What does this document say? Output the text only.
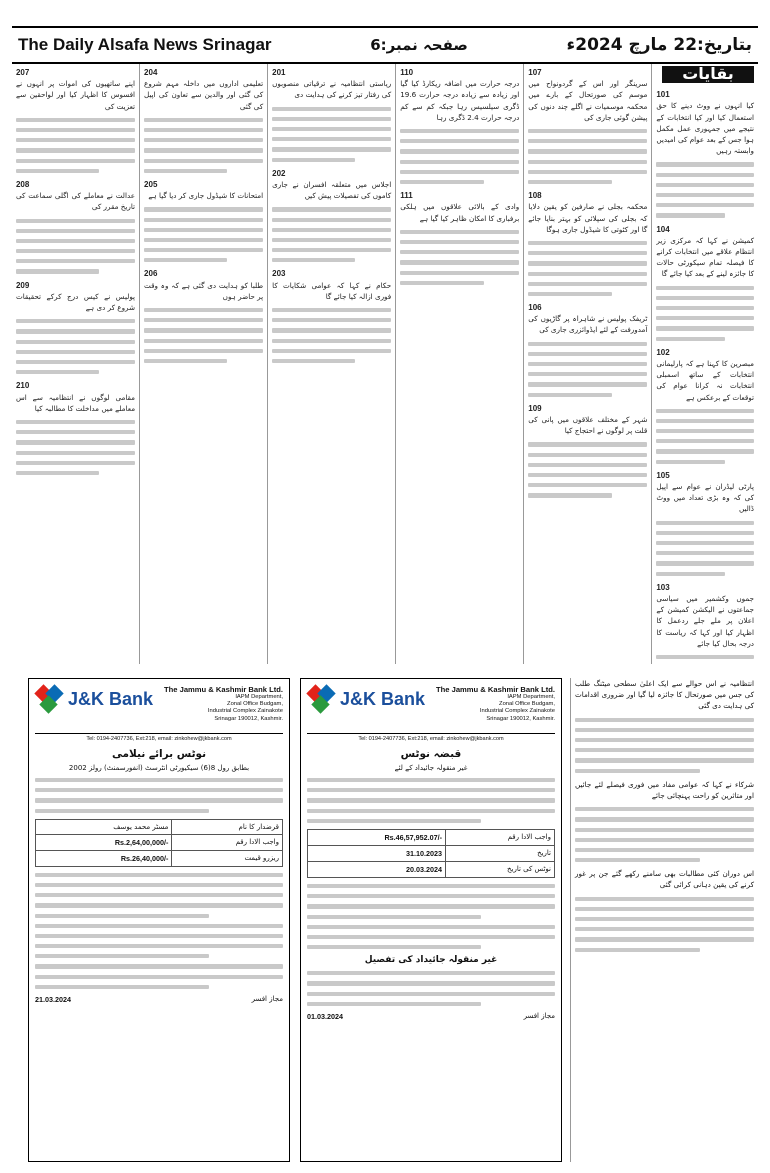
The Daily Alsafa News Srinagar	صفحہ نمبر:6	بتاریخ:22 مارچ 2024ء
بقایات
101
کیا انہوں نے ووٹ دینے کا حق استعمال کیا اور کیا انتخابات کے نتیجے میں جمہوری عمل مکمل ہوا جس کے بعد عوام کی امیدیں وابستہ رہیں
104
کمیشن نے کہا کہ مرکزی زیر انتظام علاقے میں انتخابات کرانے کا فیصلہ تمام سیکورٹی حالات کا جائزہ لینے کے بعد کیا جائے گا
102
مبصرین کا کہنا ہے کہ پارلیمانی انتخابات کے ساتھ اسمبلی انتخابات نہ کرانا عوام کی توقعات کے برعکس ہے
105
پارٹی لیڈران نے عوام سے اپیل کی کہ وہ بڑی تعداد میں ووٹ ڈالیں
103
جموں وکشمیر میں سیاسی جماعتوں نے الیکشن کمیشن کے اعلان پر ملے جلے ردعمل کا اظہار کیا اور کہا کہ ریاست کا درجہ بحال کیا جائے
107
سرینگر اور اس کے گردونواح میں موسم کی صورتحال کے بارے میں محکمہ موسمیات نے اگلے چند دنوں کی پیشن گوئی جاری کی
108
محکمہ بجلی نے صارفین کو یقین دلایا کہ بجلی کی سپلائی کو بہتر بنایا جائے گا اور کٹوتی کا شیڈول جاری ہوگا
106
ٹریفک پولیس نے شاہراہ پر گاڑیوں کی آمدورفت کے لئے ایڈوائزری جاری کی
109
شہر کے مختلف علاقوں میں پانی کی قلت پر لوگوں نے احتجاج کیا
110
درجہ حرارت میں اضافہ ریکارڈ کیا گیا اور زیادہ سے زیادہ درجہ حرارت 19.6 ڈگری سیلسیس رہا جبکہ کم سے کم درجہ حرارت 2.4 ڈگری رہا
111
وادی کے بالائی علاقوں میں ہلکی برفباری کا امکان ظاہر کیا گیا ہے
201
ریاستی انتظامیہ نے ترقیاتی منصوبوں کی رفتار تیز کرنے کی ہدایت دی
202
اجلاس میں متعلقہ افسران نے جاری کاموں کی تفصیلات پیش کیں
203
حکام نے کہا کہ عوامی شکایات کا فوری ازالہ کیا جائے گا
204
تعلیمی اداروں میں داخلہ مہم شروع کی گئی اور والدین سے تعاون کی اپیل کی گئی
205
امتحانات کا شیڈول جاری کر دیا گیا ہے
206
طلبا کو ہدایت دی گئی ہے کہ وہ وقت پر حاضر ہوں
207
اپنے ساتھیوں کی اموات پر انہوں نے افسوس کا اظہار کیا اور لواحقین سے تعزیت کی
208
عدالت نے معاملے کی اگلی سماعت کی تاریخ مقرر کی
209
پولیس نے کیس درج کرکے تحقیقات شروع کر دی ہے
210
مقامی لوگوں نے انتظامیہ سے اس معاملے میں مداخلت کا مطالبہ کیا
J&K Bank The Jammu & Kashmir Bank Ltd.
IAPM Department,
Zonal Office Budgam,
Industrial Complex Zainakote
Srinagar 190012, Kashmir.
Tel: 0194-2407736, Ext:218, email: zinkohew@jkbank.com
نوٹس برائے نیلامی
بطابق رول 8(6) سیکیورٹی انٹرسٹ (انفورسمنٹ) رولز 2002
قرضدار کا نام	مسٹر محمد یوسف
واجب الادا رقم	Rs.2,64,00,000/-
ریزرو قیمت	Rs.26,40,000/-
مجاز افسر
21.03.2024
J&K Bank The Jammu & Kashmir Bank Ltd.
IAPM Department,
Zonal Office Budgam,
Industrial Complex Zainakote
Srinagar 190012, Kashmir.
Tel: 0194-2407736, Ext:218, email: zinkohew@jkbank.com
قبضہ نوٹس
غیر منقولہ جائیداد کے لئے
واجب الادا رقم	Rs.46,57,952.07/-
تاریخ	31.10.2023
نوٹس کی تاریخ	20.03.2024
غیر منقولہ جائیداد کی تفصیل
مجاز افسر
01.03.2024
انتظامیہ نے اس حوالے سے ایک اعلیٰ سطحی میٹنگ طلب کی جس میں صورتحال کا جائزہ لیا گیا اور ضروری اقدامات کی ہدایت دی گئی
شرکاء نے کہا کہ عوامی مفاد میں فوری فیصلے لئے جائیں اور متاثرین کو راحت پہنچائی جائے
اس دوران کئی مطالبات بھی سامنے رکھے گئے جن پر غور کرنے کی یقین دہانی کرائی گئی
